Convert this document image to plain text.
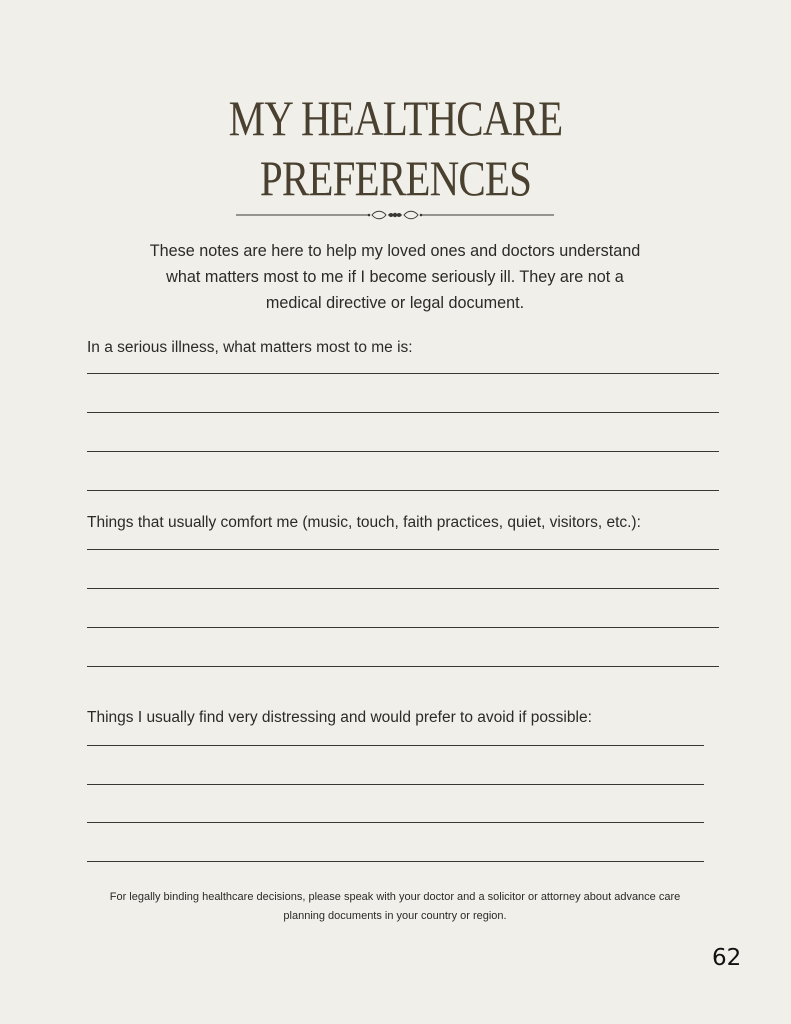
MY HEALTHCARE
PREFERENCES

These notes are here to help my loved ones and doctors understand what matters most to me if I become seriously ill. They are not a medical directive or legal document.

In a serious illness, what matters most to me is:

Things that usually comfort me (music, touch, faith practices, quiet, visitors, etc.):

Things I usually find very distressing and would prefer to avoid if possible:

For legally binding healthcare decisions, please speak with your doctor and a solicitor or attorney about advance care planning documents in your country or region.

62
